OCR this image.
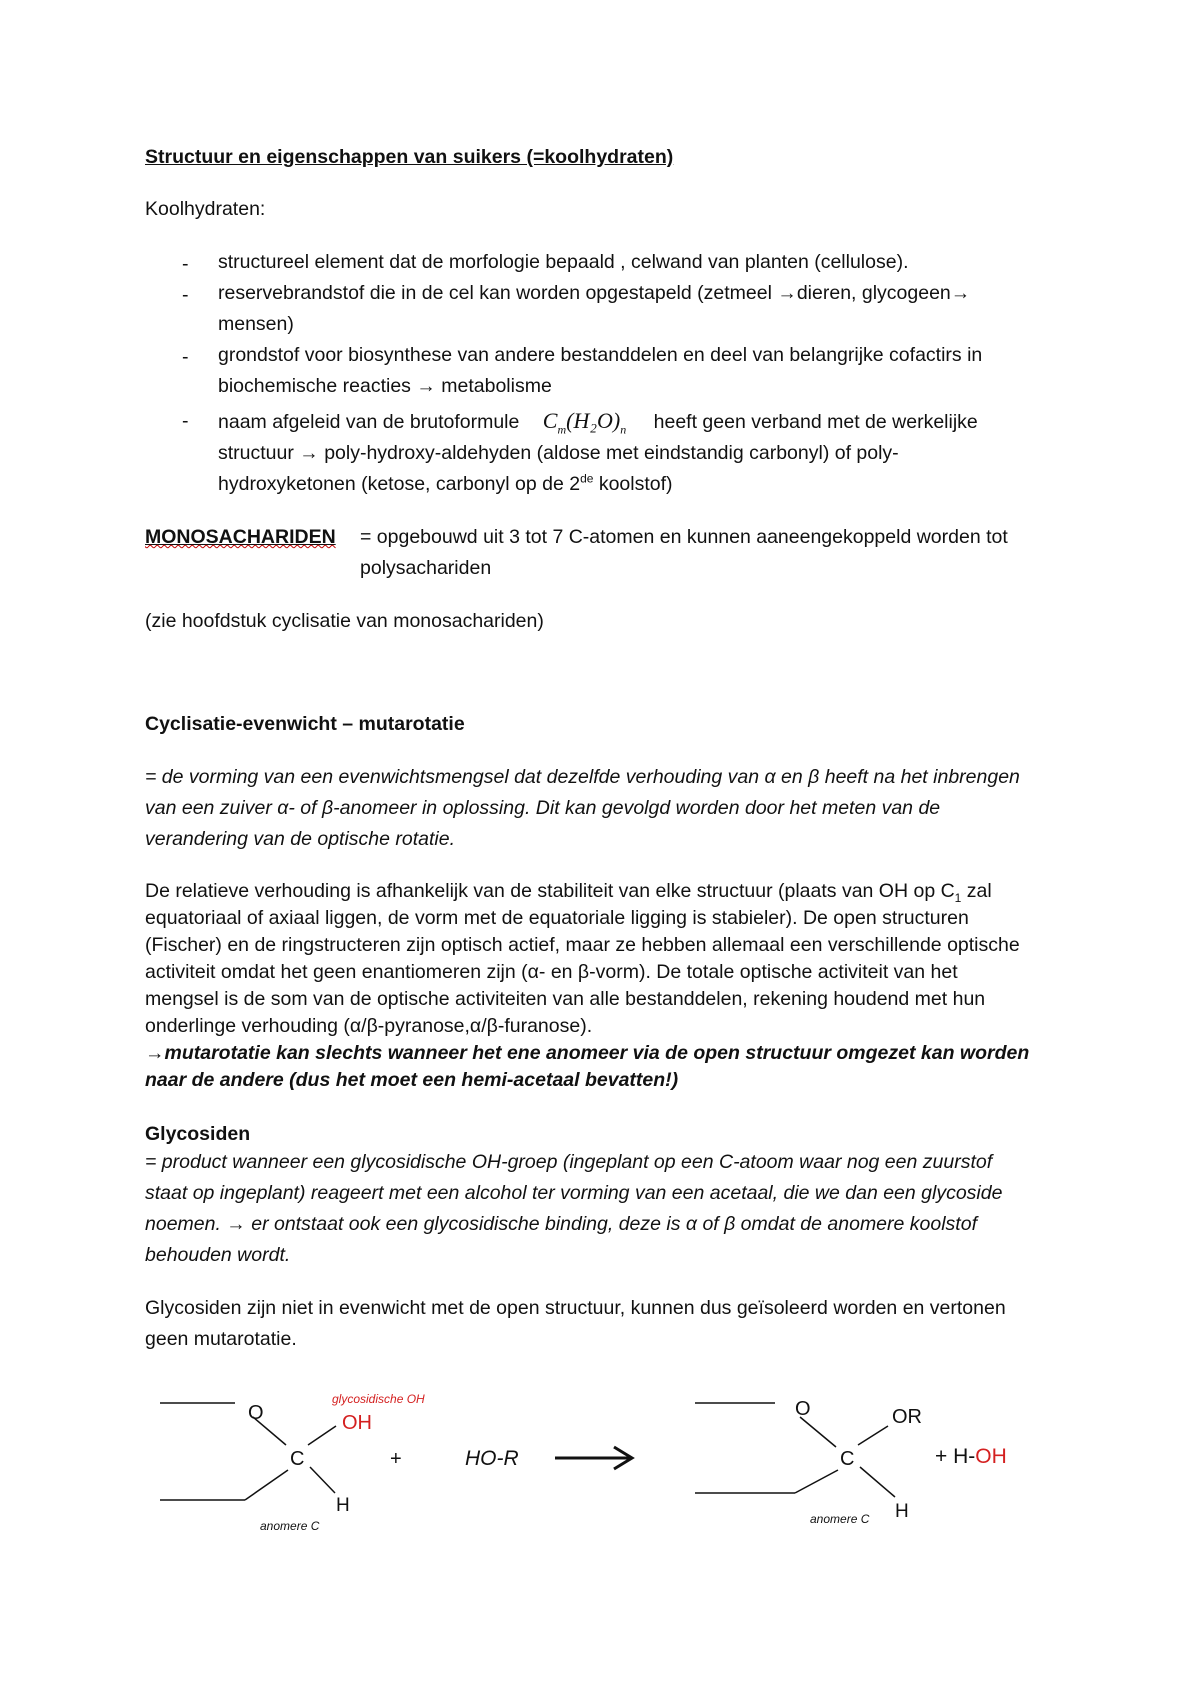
Structuur en eigenschappen van suikers (=koolhydraten)
Koolhydraten:
- structureel element dat de morfologie bepaald , celwand van planten (cellulose).
- reservebrandstof die in de cel kan worden opgestapeld (zetmeel →dieren, glycogeen→
mensen)
- grondstof voor biosynthese van andere bestanddelen en deel van belangrijke cofactirs in
biochemische reacties → metabolisme
- naam afgeleid van de brutoformule $C_m(H_2O)_n$ heeft geen verband met de werkelijke
structuur → poly-hydroxy-aldehyden (aldose met eindstandig carbonyl) of poly-
hydroxyketonen (ketose, carbonyl op de 2de koolstof)
MONOSACHARIDEN = opgebouwd uit 3 tot 7 C-atomen en kunnen aaneengekoppeld worden tot
polysachariden
(zie hoofdstuk cyclisatie van monosachariden)
Cyclisatie-evenwicht – mutarotatie
= de vorming van een evenwichtsmengsel dat dezelfde verhouding van α en β heeft na het inbrengen
van een zuiver α- of β-anomeer in oplossing. Dit kan gevolgd worden door het meten van de
verandering van de optische rotatie.
De relatieve verhouding is afhankelijk van de stabiliteit van elke structuur (plaats van OH op $C_1$ zal
equatoriaal of axiaal liggen, de vorm met de equatoriale ligging is stabieler). De open structuren
(Fischer) en de ringstructeren zijn optisch actief, maar ze hebben allemaal een verschillende optische
activiteit omdat het geen enantiomeren zijn (α- en β-vorm). De totale optische activiteit van het
mengsel is de som van de optische activiteiten van alle bestanddelen, rekening houdend met hun
onderlinge verhouding (α/β-pyranose,α/β-furanose).
→mutarotatie kan slechts wanneer het ene anomeer via de open structuur omgezet kan worden
naar de andere (dus het moet een hemi-acetaal bevatten!)
Glycosiden
= product wanneer een glycosidische OH-groep (ingeplant op een C-atoom waar nog een zuurstof
staat op ingeplant) reageert met een alcohol ter vorming van een acetaal, die we dan een glycoside
noemen. → er ontstaat ook een glycosidische binding, deze is α of β omdat de anomere koolstof
behouden wordt.
Glycosiden zijn niet in evenwicht met de open structuur, kunnen dus geïsoleerd worden en vertonen
geen mutarotatie.
O
glycosidische OH
OH
C
H
anomere C
+	HO-R
O	OR
C
H
anomere C
+ H-OH
